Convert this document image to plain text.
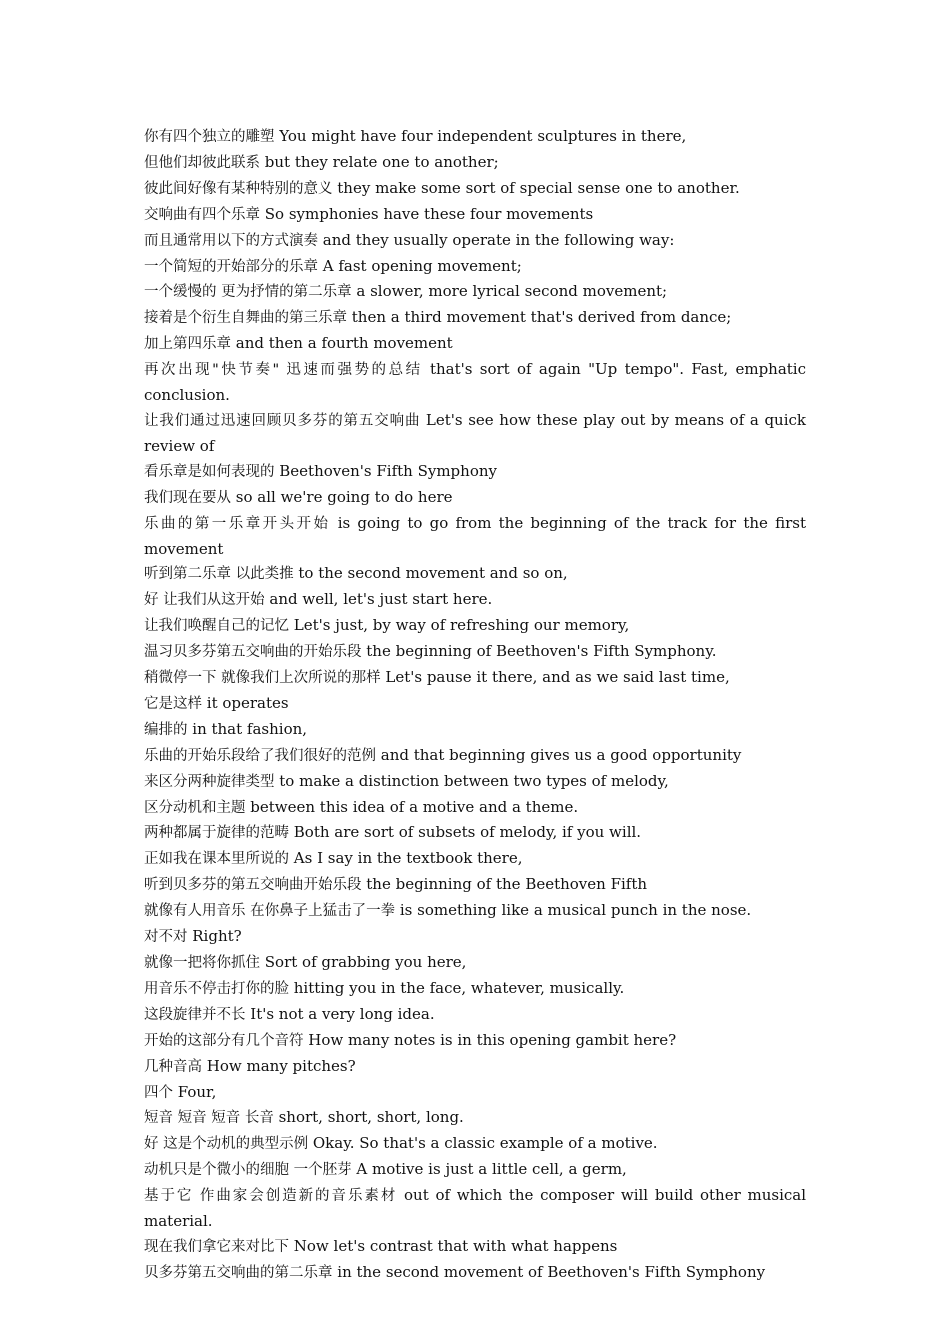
你有四个独立的雕塑 You might have four independent sculptures in there,

但他们却彼此联系 but they relate one to another;

彼此间好像有某种特别的意义 they make some sort of special sense one to another.

交响曲有四个乐章 So symphonies have these four movements

而且通常用以下的方式演奏 and they usually operate in the following way:

一个简短的开始部分的乐章 A fast opening movement;

一个缓慢的 更为抒情的第二乐章 a slower, more lyrical second movement;

接着是个衍生自舞曲的第三乐章 then a third movement that's derived from dance;

加上第四乐章 and then a fourth movement

再次出现"快节奏" 迅速而强势的总结 that's sort of again "Up tempo". Fast, emphatic conclusion.

让我们通过迅速回顾贝多芬的第五交响曲 Let's see how these play out by means of a quick review of

看乐章是如何表现的 Beethoven's Fifth Symphony

我们现在要从 so all we're going to do here

乐曲的第一乐章开头开始 is going to go from the beginning of the track for the first movement

听到第二乐章 以此类推 to the second movement and so on,

好 让我们从这开始 and well, let's just start here.

让我们唤醒自己的记忆 Let's just, by way of refreshing our memory,

温习贝多芬第五交响曲的开始乐段 the beginning of Beethoven's Fifth Symphony.

稍微停一下 就像我们上次所说的那样 Let's pause it there, and as we said last time,

它是这样 it operates

编排的 in that fashion,

乐曲的开始乐段给了我们很好的范例 and that beginning gives us a good opportunity

来区分两种旋律类型 to make a distinction between two types of melody,

区分动机和主题 between this idea of a motive and a theme.

两种都属于旋律的范畴 Both are sort of subsets of melody, if you will.

正如我在课本里所说的 As I say in the textbook there,

听到贝多芬的第五交响曲开始乐段 the beginning of the Beethoven Fifth

就像有人用音乐 在你鼻子上猛击了一拳 is something like a musical punch in the nose.

对不对 Right?

就像一把将你抓住 Sort of grabbing you here,

用音乐不停击打你的脸 hitting you in the face, whatever, musically.

这段旋律并不长 It's not a very long idea.

开始的这部分有几个音符 How many notes is in this opening gambit here?

几种音高 How many pitches?

四个 Four,

短音 短音 短音 长音 short, short, short, long.

好 这是个动机的典型示例 Okay. So that's a classic example of a motive.

动机只是个微小的细胞 一个胚芽 A motive is just a little cell, a germ,

基于它 作曲家会创造新的音乐素材 out of which the composer will build other musical material.

现在我们拿它来对比下 Now let's contrast that with what happens

贝多芬第五交响曲的第二乐章 in the second movement of Beethoven's Fifth Symphony
